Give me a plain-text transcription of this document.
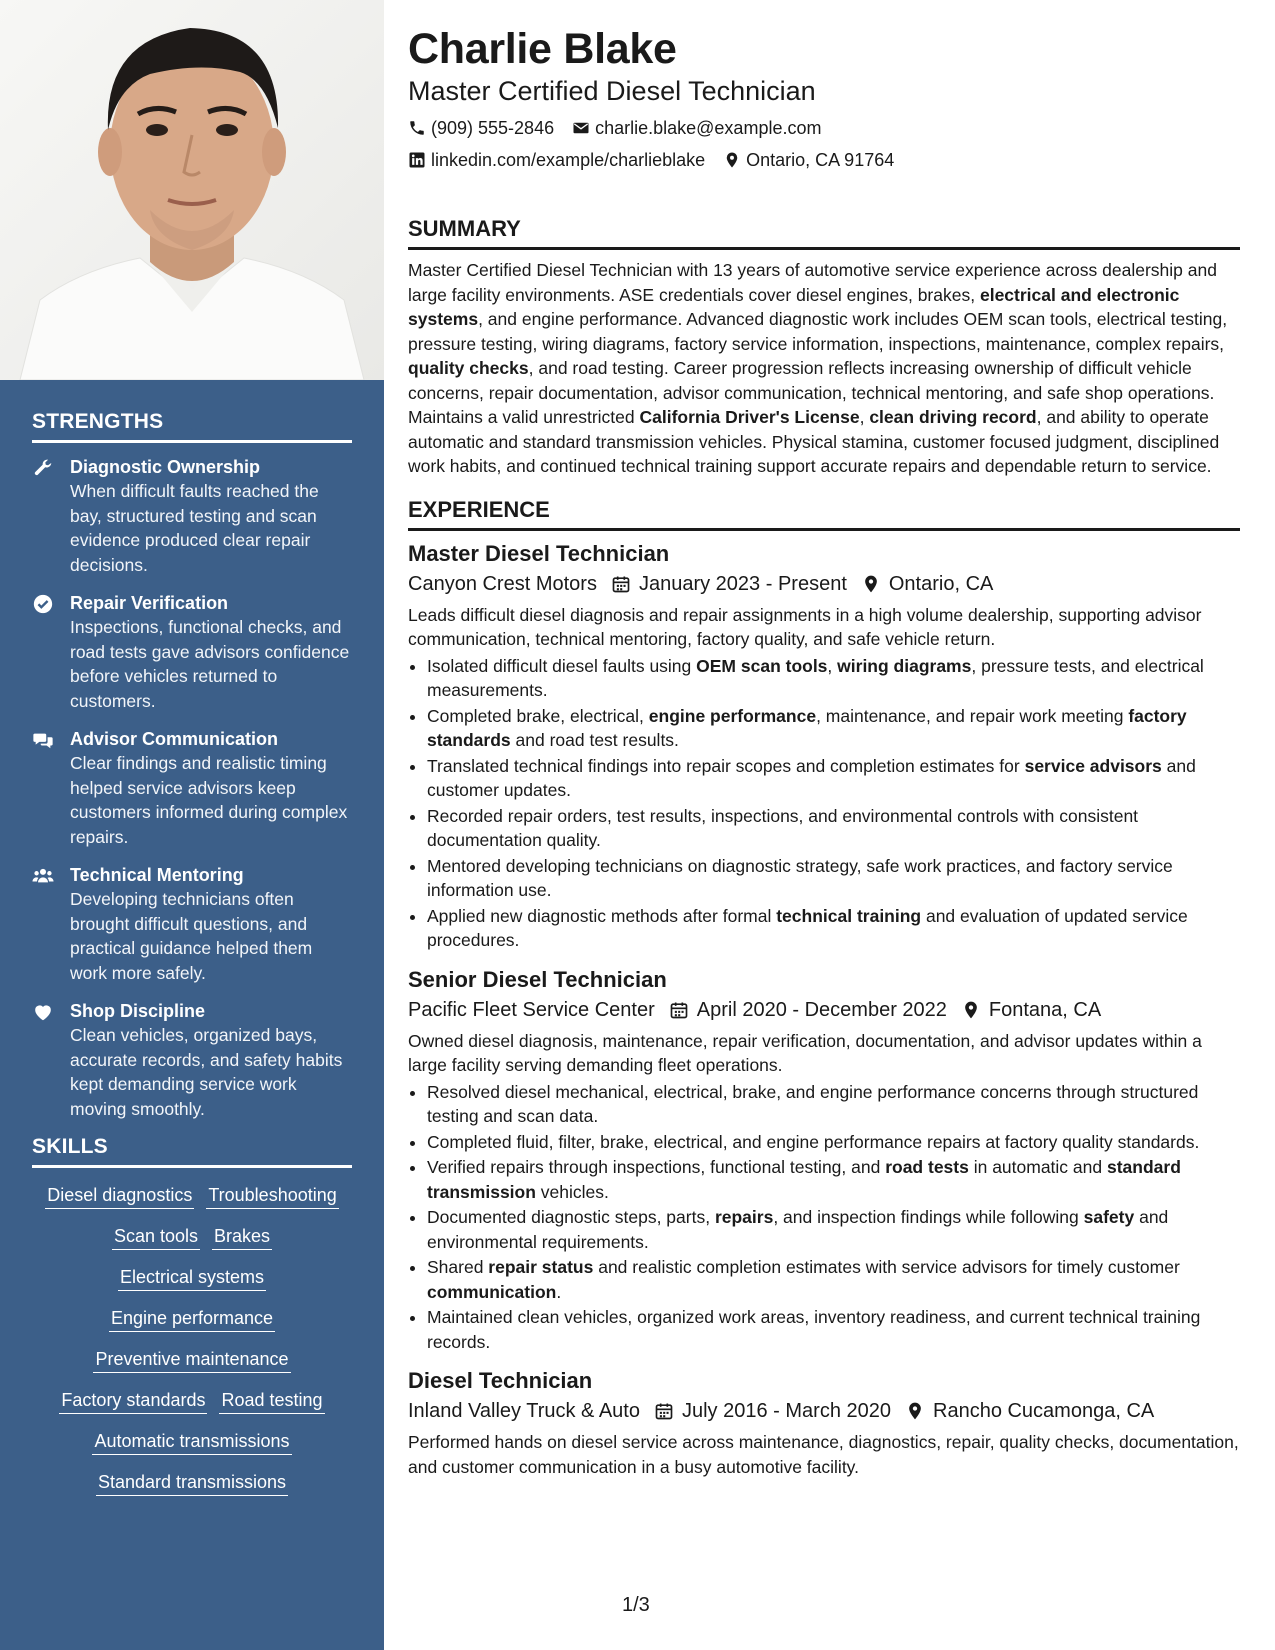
STRENGTHS
Diagnostic Ownership
When difficult faults reached the bay, structured testing and scan evidence produced clear repair decisions.
Repair Verification
Inspections, functional checks, and road tests gave advisors confidence before vehicles returned to customers.
Advisor Communication
Clear findings and realistic timing helped service advisors keep customers informed during complex repairs.
Technical Mentoring
Developing technicians often brought difficult questions, and practical guidance helped them work more safely.
Shop Discipline
Clean vehicles, organized bays, accurate records, and safety habits kept demanding service work moving smoothly.
SKILLS
Diesel diagnostics Troubleshooting
Scan tools Brakes
Electrical systems
Engine performance
Preventive maintenance
Factory standards Road testing
Automatic transmissions
Standard transmissions
Charlie Blake
Master Certified Diesel Technician
(909) 555-2846 charlie.blake@example.com
linkedin.com/example/charlieblake Ontario, CA 91764
SUMMARY
Master Certified Diesel Technician with 13 years of automotive service experience across dealership and large facility environments. ASE credentials cover diesel engines, brakes, electrical and electronic systems, and engine performance. Advanced diagnostic work includes OEM scan tools, electrical testing, pressure testing, wiring diagrams, factory service information, inspections, maintenance, complex repairs, quality checks, and road testing. Career progression reflects increasing ownership of difficult vehicle concerns, repair documentation, advisor communication, technical mentoring, and safe shop operations. Maintains a valid unrestricted California Driver's License, clean driving record, and ability to operate automatic and standard transmission vehicles. Physical stamina, customer focused judgment, disciplined work habits, and continued technical training support accurate repairs and dependable return to service.
EXPERIENCE
Master Diesel Technician
Canyon Crest Motors January 2023 - Present Ontario, CA
Leads difficult diesel diagnosis and repair assignments in a high volume dealership, supporting advisor communication, technical mentoring, factory quality, and safe vehicle return.
• Isolated difficult diesel faults using OEM scan tools, wiring diagrams, pressure tests, and electrical measurements.
• Completed brake, electrical, engine performance, maintenance, and repair work meeting factory standards and road test results.
• Translated technical findings into repair scopes and completion estimates for service advisors and customer updates.
• Recorded repair orders, test results, inspections, and environmental controls with consistent documentation quality.
• Mentored developing technicians on diagnostic strategy, safe work practices, and factory service information use.
• Applied new diagnostic methods after formal technical training and evaluation of updated service procedures.
Senior Diesel Technician
Pacific Fleet Service Center April 2020 - December 2022 Fontana, CA
Owned diesel diagnosis, maintenance, repair verification, documentation, and advisor updates within a large facility serving demanding fleet operations.
• Resolved diesel mechanical, electrical, brake, and engine performance concerns through structured testing and scan data.
• Completed fluid, filter, brake, electrical, and engine performance repairs at factory quality standards.
• Verified repairs through inspections, functional testing, and road tests in automatic and standard transmission vehicles.
• Documented diagnostic steps, parts, repairs, and inspection findings while following safety and environmental requirements.
• Shared repair status and realistic completion estimates with service advisors for timely customer communication.
• Maintained clean vehicles, organized work areas, inventory readiness, and current technical training records.
Diesel Technician
Inland Valley Truck & Auto July 2016 - March 2020 Rancho Cucamonga, CA
Performed hands on diesel service across maintenance, diagnostics, repair, quality checks, documentation, and customer communication in a busy automotive facility.
1/3
